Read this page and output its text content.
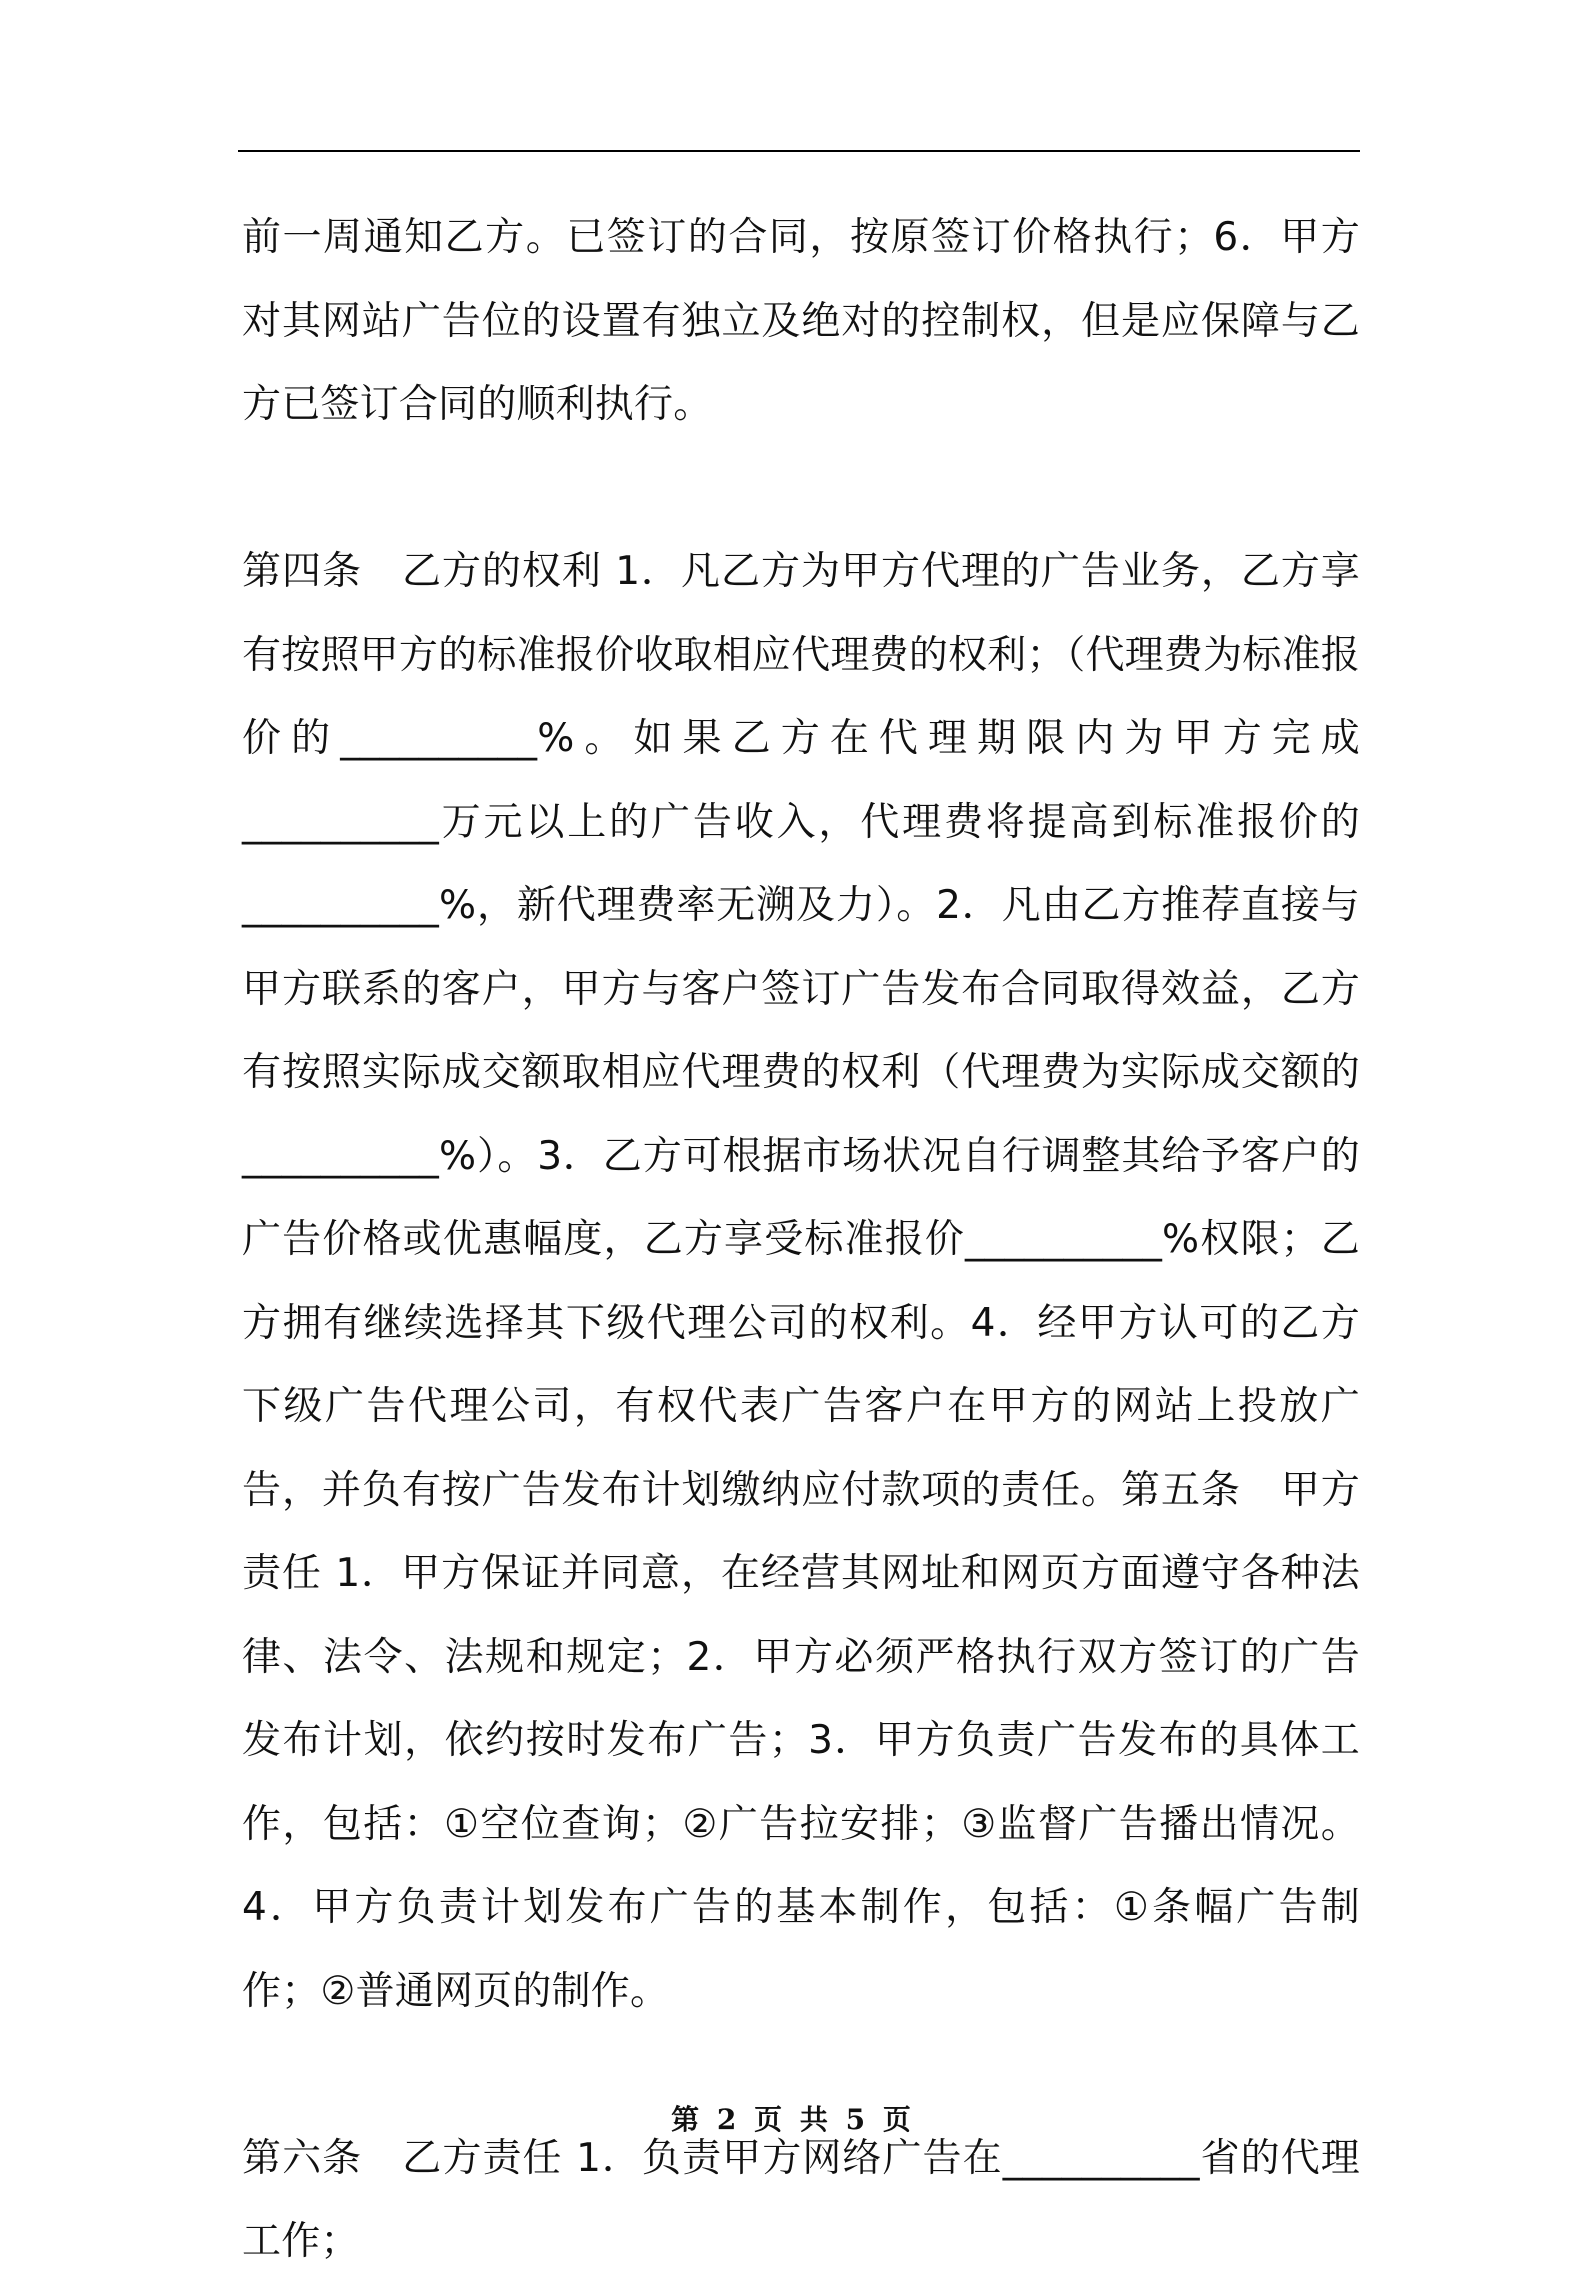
前一周通知乙方。已签订的合同，按原签订价格执行；6．甲方对其网站广告位的设置有独立及绝对的控制权，但是应保障与乙方已签订合同的顺利执行。

第四条　乙方的权利 1．凡乙方为甲方代理的广告业务，乙方享有按照甲方的标准报价收取相应代理费的权利；（代理费为标准报价的__________%。如果乙方在代理期限内为甲方完成__________万元以上的广告收入，代理费将提高到标准报价的__________%，新代理费率无溯及力）。2．凡由乙方推荐直接与甲方联系的客户，甲方与客户签订广告发布合同取得效益，乙方有按照实际成交额取相应代理费的权利（代理费为实际成交额的__________%）。3．乙方可根据市场状况自行调整其给予客户的广告价格或优惠幅度，乙方享受标准报价__________%权限；乙方拥有继续选择其下级代理公司的权利。4．经甲方认可的乙方下级广告代理公司，有权代表广告客户在甲方的网站上投放广告，并负有按广告发布计划缴纳应付款项的责任。第五条　甲方责任 1．甲方保证并同意，在经营其网址和网页方面遵守各种法律、法令、法规和规定；2．甲方必须严格执行双方签订的广告发布计划，依约按时发布广告；3．甲方负责广告发布的具体工作，包括：①空位查询；②广告拉安排；③监督广告播出情况。4．甲方负责计划发布广告的基本制作，包括：①条幅广告制作；②普通网页的制作。

第六条　乙方责任 1．负责甲方网络广告在__________省的代理工作；

第 2 页 共 5 页
